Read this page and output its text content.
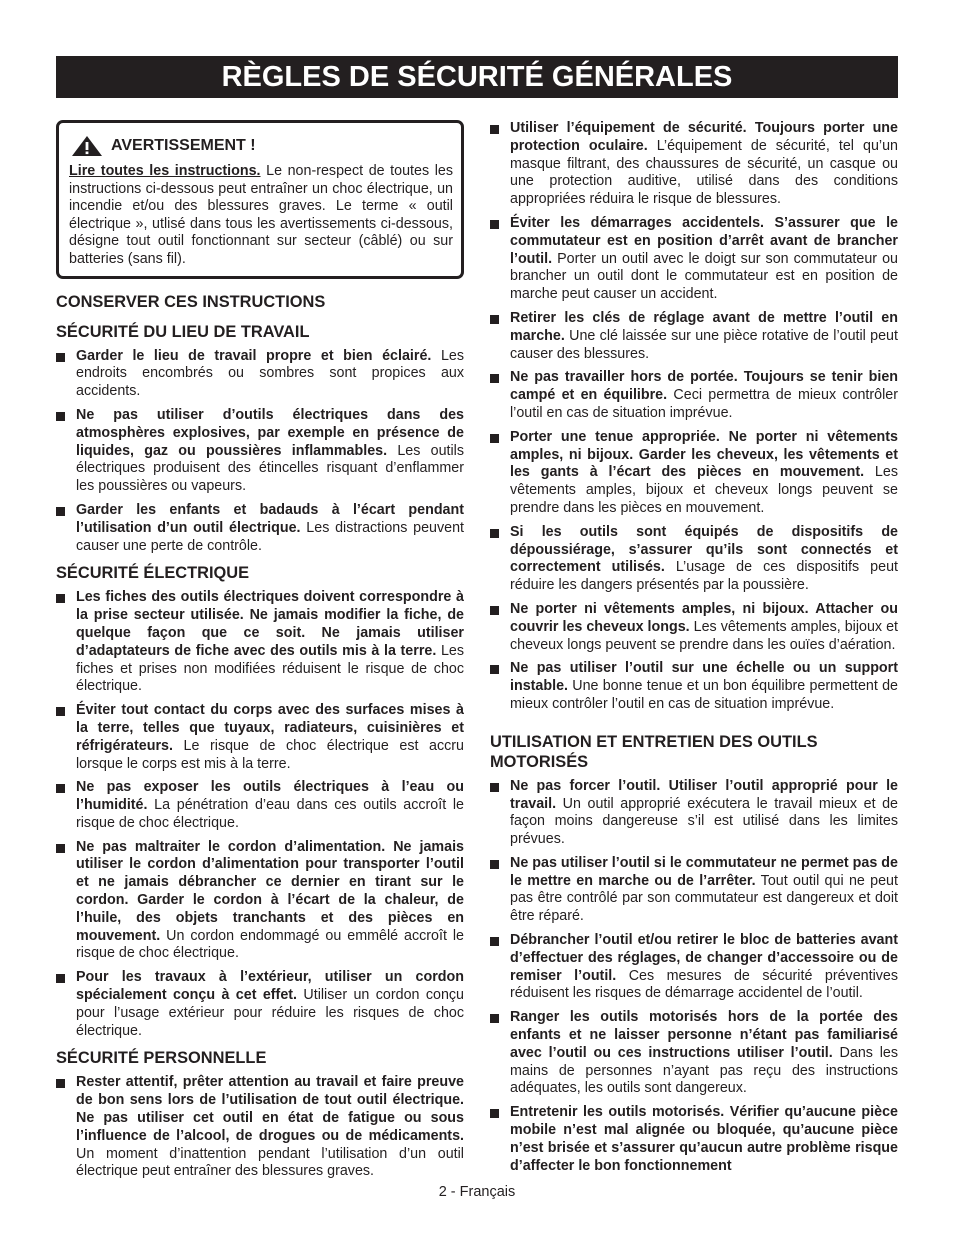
RÈGLES DE SÉCURITÉ GÉNÉRALES
AVERTISSEMENT !

Lire toutes les instructions. Le non-respect de toutes les instructions ci-dessous peut entraîner un choc électrique, un incendie et/ou des blessures graves. Le terme « outil électrique », utlisé dans tous les avertissements ci-dessous, désigne tout outil fonctionnant sur secteur (câblé) ou sur batteries (sans fil).

CONSERVER CES INSTRUCTIONS
SÉCURITÉ DU LIEU DE TRAVAIL
Garder le lieu de travail propre et bien éclairé. Les endroits encombrés ou sombres sont propices aux accidents.
Ne pas utiliser d’outils électriques dans des atmosphères explosives, par exemple en présence de liquides, gaz ou poussières inflammables. Les outils électriques produisent des étincelles risquant d’enflammer les poussières ou vapeurs.
Garder les enfants et badauds à l’écart pendant l’utilisation d’un outil électrique. Les distractions peuvent causer une perte de contrôle.
SÉCURITÉ ÉLECTRIQUE
Les fiches des outils électriques doivent correspondre à la prise secteur utilisée. Ne jamais modifier la fiche, de quelque façon que ce soit. Ne jamais utiliser d’adaptateurs de fiche avec des outils mis à la terre. Les fiches et prises non modifiées réduisent le risque de choc électrique.
Éviter tout contact du corps avec des surfaces mises à la terre, telles que tuyaux, radiateurs, cuisinières et réfrigérateurs. Le risque de choc électrique est accru lorsque le corps est mis à la terre.
Ne pas exposer les outils électriques à l’eau ou l’humidité. La pénétration d’eau dans ces outils accroît le risque de choc électrique.
Ne pas maltraiter le cordon d’alimentation. Ne jamais utiliser le cordon d’alimentation pour transporter l’outil et ne jamais débrancher ce dernier en tirant sur le cordon. Garder le cordon à l’écart de la chaleur, de l’huile, des objets tranchants et des pièces en mouvement. Un cordon endommagé ou emmêlé accroît le risque de choc électrique.
Pour les travaux à l’extérieur, utiliser un cordon spécialement conçu à cet effet. Utiliser un cordon conçu pour l’usage extérieur pour réduire les risques de choc électrique.
SÉCURITÉ PERSONNELLE
Rester attentif, prêter attention au travail et faire preuve de bon sens lors de l’utilisation de tout outil électrique. Ne pas utiliser cet outil en état de fatigue ou sous l’influence de l’alcool, de drogues ou de médicaments. Un moment d’inattention pendant l’utilisation d’un outil électrique peut entraîner des blessures graves.
Utiliser l’équipement de sécurité. Toujours porter une protection oculaire. L’équipement de sécurité, tel qu’un masque filtrant, des chaussures de sécurité, un casque ou une protection auditive, utilisé dans des conditions appropriées réduira le risque de blessures.
Éviter les démarrages accidentels. S’assurer que le commutateur est en position d’arrêt avant de brancher l’outil. Porter un outil avec le doigt sur son commutateur ou brancher un outil dont le commutateur est en position de marche peut causer un accident.
Retirer les clés de réglage avant de mettre l’outil en marche. Une clé laissée sur une pièce rotative de l’outil peut causer des blessures.
Ne pas travailler hors de portée. Toujours se tenir bien campé et en équilibre. Ceci permettra de mieux contrôler l’outil en cas de situation imprévue.
Porter une tenue appropriée. Ne porter ni vêtements amples, ni bijoux. Garder les cheveux, les vêtements et les gants à l’écart des pièces en mouvement. Les vêtements amples, bijoux et cheveux longs peuvent se prendre dans les pièces en mouvement.
Si les outils sont équipés de dispositifs de dépoussiérage, s’assurer qu’ils sont connectés et correctement utilisés. L’usage de ces dispositifs peut réduire les dangers présentés par la poussière.
Ne porter ni vêtements amples, ni bijoux. Attacher ou couvrir les cheveux longs. Les vêtements amples, bijoux et cheveux longs peuvent se prendre dans les ouïes d’aération.
Ne pas utiliser l’outil sur une échelle ou un support instable. Une bonne tenue et un bon équilibre permettent de mieux contrôler l’outil en cas de situation imprévue.
UTILISATION ET ENTRETIEN DES OUTILS MOTORISÉS
Ne pas forcer l’outil. Utiliser l’outil approprié pour le travail. Un outil approprié exécutera le travail mieux et de façon moins dangereuse s’il est utilisé dans les limites prévues.
Ne pas utiliser l’outil si le commutateur ne permet pas de le mettre en marche ou de l’arrêter. Tout outil qui ne peut pas être contrôlé par son commutateur est dangereux et doit être réparé.
Débrancher l’outil et/ou retirer le bloc de batteries avant d’effectuer des réglages, de changer d’accessoire ou de remiser l’outil. Ces mesures de sécurité préventives réduisent les risques de démarrage accidentel de l’outil.
Ranger les outils motorisés hors de la portée des enfants et ne laisser personne n’étant pas familiarisé avec l’outil ou ces instructions utiliser l’outil. Dans les mains de personnes n’ayant pas reçu des instructions adéquates, les outils sont dangereux.
Entretenir les outils motorisés. Vérifier qu’aucune pièce mobile n’est mal alignée ou bloquée, qu’aucune pièce n’est brisée et s’assurer qu’aucun autre problème risque d’affecter le bon fonctionnement
2 - Français
